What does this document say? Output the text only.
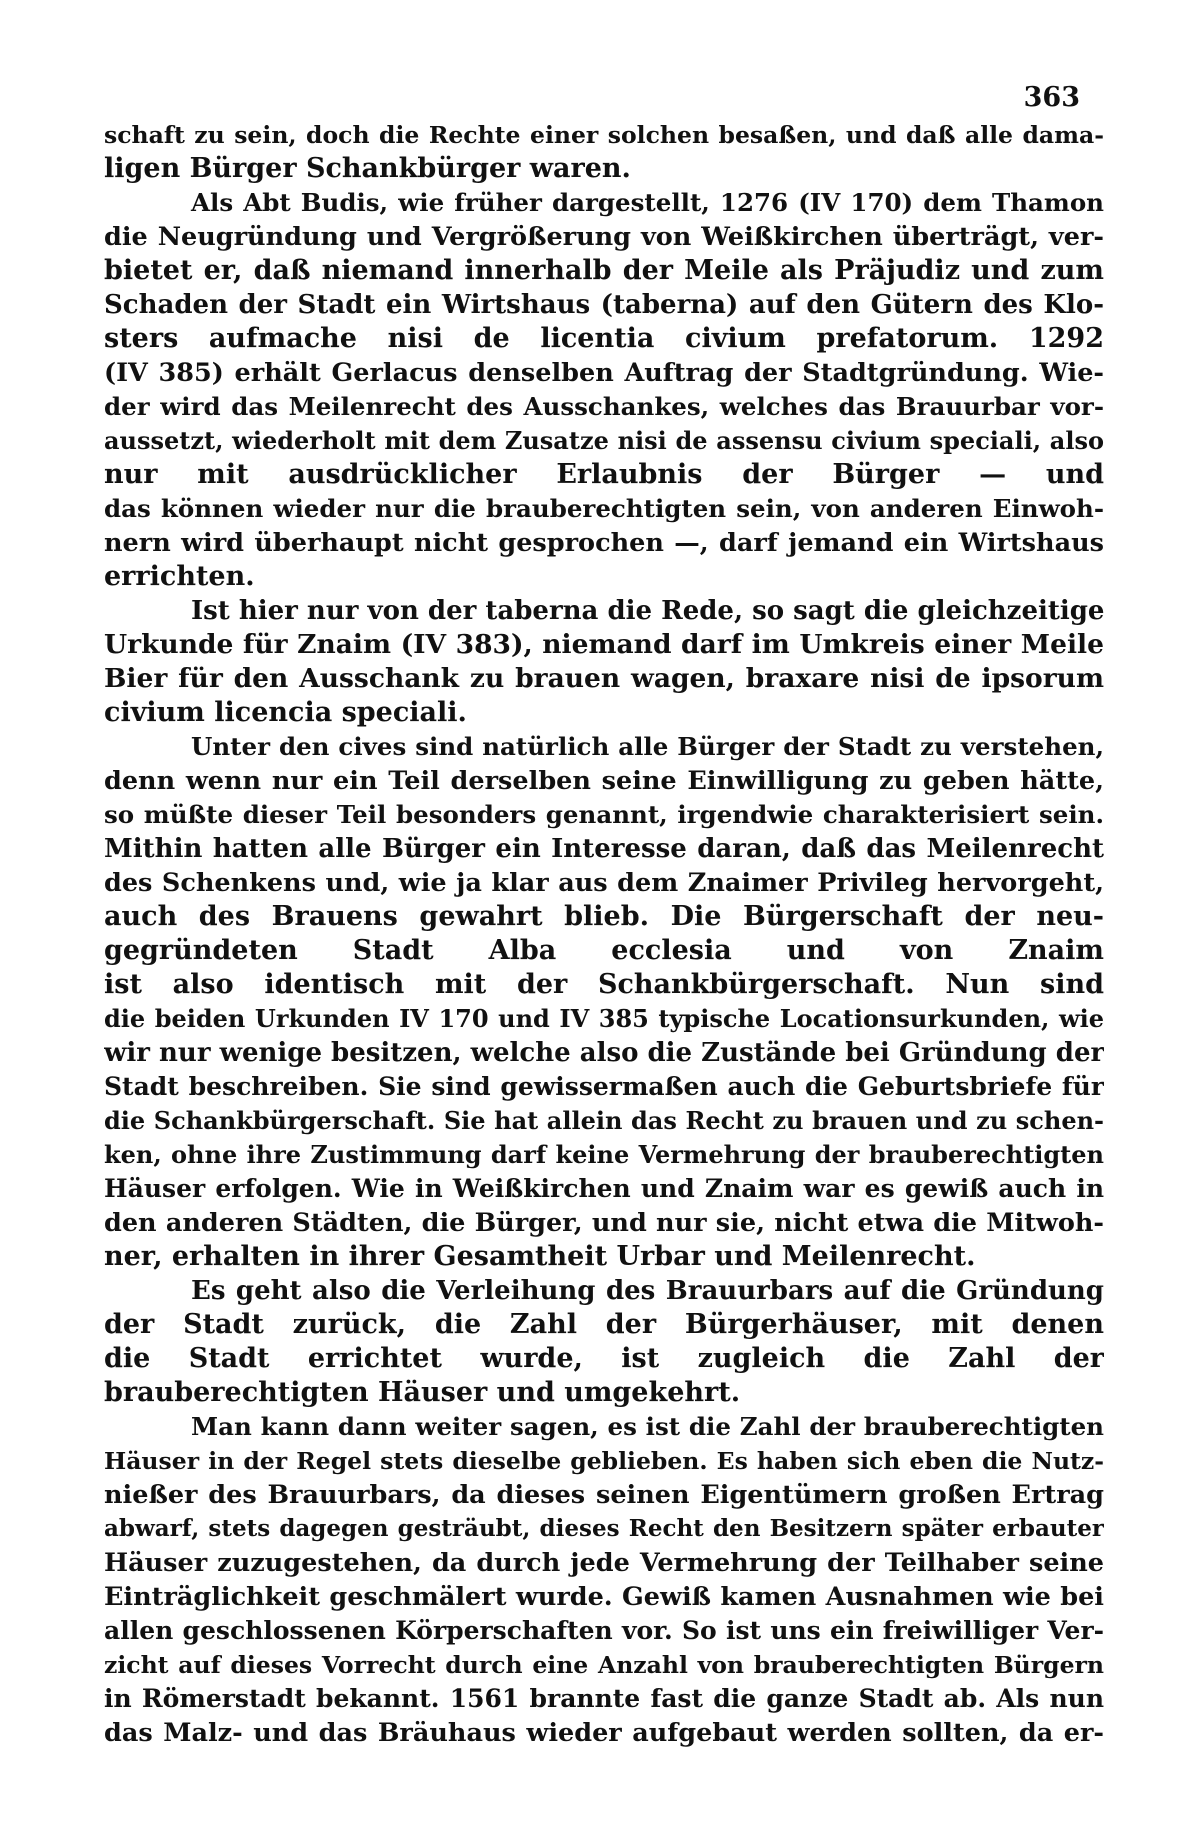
363
schaft zu sein, doch die Rechte einer solchen besaßen, und daß alle dama-
ligen Bürger Schankbürger waren.
Als Abt Budis, wie früher dargestellt, 1276 (IV 170) dem Thamon
die Neugründung und Vergrößerung von Weißkirchen überträgt, ver-
bietet er, daß niemand innerhalb der Meile als Präjudiz und zum
Schaden der Stadt ein Wirtshaus (taberna) auf den Gütern des Klo-
sters aufmache nisi de licentia civium prefatorum. 1292
(IV 385) erhält Gerlacus denselben Auftrag der Stadtgründung. Wie-
der wird das Meilenrecht des Ausschankes, welches das Brauurbar vor-
aussetzt, wiederholt mit dem Zusatze nisi de assensu civium speciali, also
nur mit ausdrücklicher Erlaubnis der Bürger — und
das können wieder nur die brauberechtigten sein, von anderen Einwoh-
nern wird überhaupt nicht gesprochen —, darf jemand ein Wirtshaus
errichten.
Ist hier nur von der taberna die Rede, so sagt die gleichzeitige
Urkunde für Znaim (IV 383), niemand darf im Umkreis einer Meile
Bier für den Ausschank zu brauen wagen, braxare nisi de ipsorum
civium licencia speciali.
Unter den cives sind natürlich alle Bürger der Stadt zu verstehen,
denn wenn nur ein Teil derselben seine Einwilligung zu geben hätte,
so müßte dieser Teil besonders genannt, irgendwie charakterisiert sein.
Mithin hatten alle Bürger ein Interesse daran, daß das Meilenrecht
des Schenkens und, wie ja klar aus dem Znaimer Privileg hervorgeht,
auch des Brauens gewahrt blieb. Die Bürgerschaft der neu-
gegründeten Stadt Alba ecclesia und von Znaim
ist also identisch mit der Schankbürgerschaft. Nun sind
die beiden Urkunden IV 170 und IV 385 typische Locationsurkunden, wie
wir nur wenige besitzen, welche also die Zustände bei Gründung der
Stadt beschreiben. Sie sind gewissermaßen auch die Geburtsbriefe für
die Schankbürgerschaft. Sie hat allein das Recht zu brauen und zu schen-
ken, ohne ihre Zustimmung darf keine Vermehrung der brauberechtigten
Häuser erfolgen. Wie in Weißkirchen und Znaim war es gewiß auch in
den anderen Städten, die Bürger, und nur sie, nicht etwa die Mitwoh-
ner, erhalten in ihrer Gesamtheit Urbar und Meilenrecht.
Es geht also die Verleihung des Brauurbars auf die Gründung
der Stadt zurück, die Zahl der Bürgerhäuser, mit denen
die Stadt errichtet wurde, ist zugleich die Zahl der
brauberechtigten Häuser und umgekehrt.
Man kann dann weiter sagen, es ist die Zahl der brauberechtigten
Häuser in der Regel stets dieselbe geblieben. Es haben sich eben die Nutz-
nießer des Brauurbars, da dieses seinen Eigentümern großen Ertrag
abwarf, stets dagegen gesträubt, dieses Recht den Besitzern später erbauter
Häuser zuzugestehen, da durch jede Vermehrung der Teilhaber seine
Einträglichkeit geschmälert wurde. Gewiß kamen Ausnahmen wie bei
allen geschlossenen Körperschaften vor. So ist uns ein freiwilliger Ver-
zicht auf dieses Vorrecht durch eine Anzahl von brauberechtigten Bürgern
in Römerstadt bekannt. 1561 brannte fast die ganze Stadt ab. Als nun
das Malz- und das Bräuhaus wieder aufgebaut werden sollten, da er-
